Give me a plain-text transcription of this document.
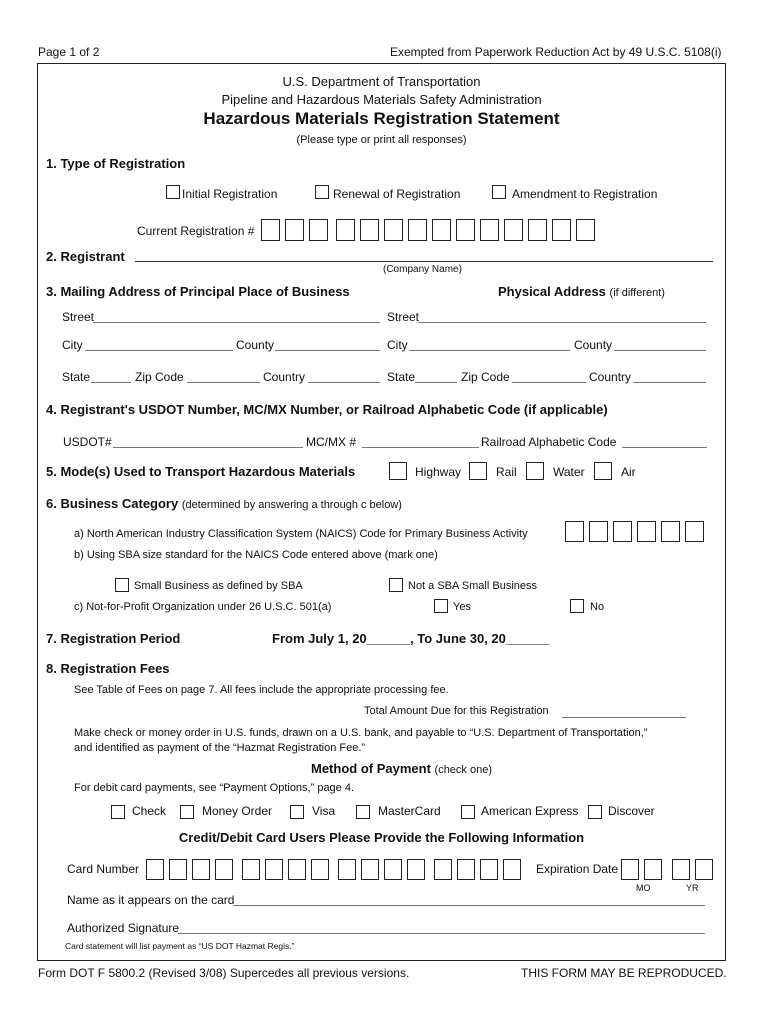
Page 1 of 2	Exempted from Paperwork Reduction Act by 49 U.S.C. 5108(i)
U.S. Department of Transportation
Pipeline and Hazardous Materials Safety Administration
Hazardous Materials Registration Statement
(Please type or print all responses)
1. Type of Registration
Initial Registration	Renewal of Registration	Amendment to Registration
Current Registration #
2. Registrant
(Company Name)
3. Mailing Address of Principal Place of Business	Physical Address (if different)
Street	Street
City	County	City	County
State	Zip Code	Country	State	Zip Code	Country
4. Registrant's USDOT Number, MC/MX Number, or Railroad Alphabetic Code (if applicable)
USDOT#	MC/MX #	Railroad Alphabetic Code
5. Mode(s) Used to Transport Hazardous Materials	Highway	Rail	Water	Air
6. Business Category (determined by answering a through c below)
a) North American Industry Classification System (NAICS) Code for Primary Business Activity
b) Using SBA size standard for the NAICS Code entered above (mark one)
Small Business as defined by SBA	Not a SBA Small Business
c) Not-for-Profit Organization under 26 U.S.C. 501(a)	Yes	No
7. Registration Period	From July 1, 20______, To June 30, 20______
8. Registration Fees
See Table of Fees on page 7. All fees include the appropriate processing fee.
Total Amount Due for this Registration
Make check or money order in U.S. funds, drawn on a U.S. bank, and payable to “U.S. Department of Transportation,”
and identified as payment of the “Hazmat Registration Fee.”
Method of Payment (check one)
For debit card payments, see “Payment Options,” page 4.
Check	Money Order	Visa	MasterCard	American Express Discover
Credit/Debit Card Users Please Provide the Following Information
Card Number	Expiration Date
MO	YR
Name as it appears on the card
Authorized Signature
Card statement will list payment as “US DOT Hazmat Regis.”
Form DOT F 5800.2 (Revised 3/08) Supercedes all previous versions.	THIS FORM MAY BE REPRODUCED.
